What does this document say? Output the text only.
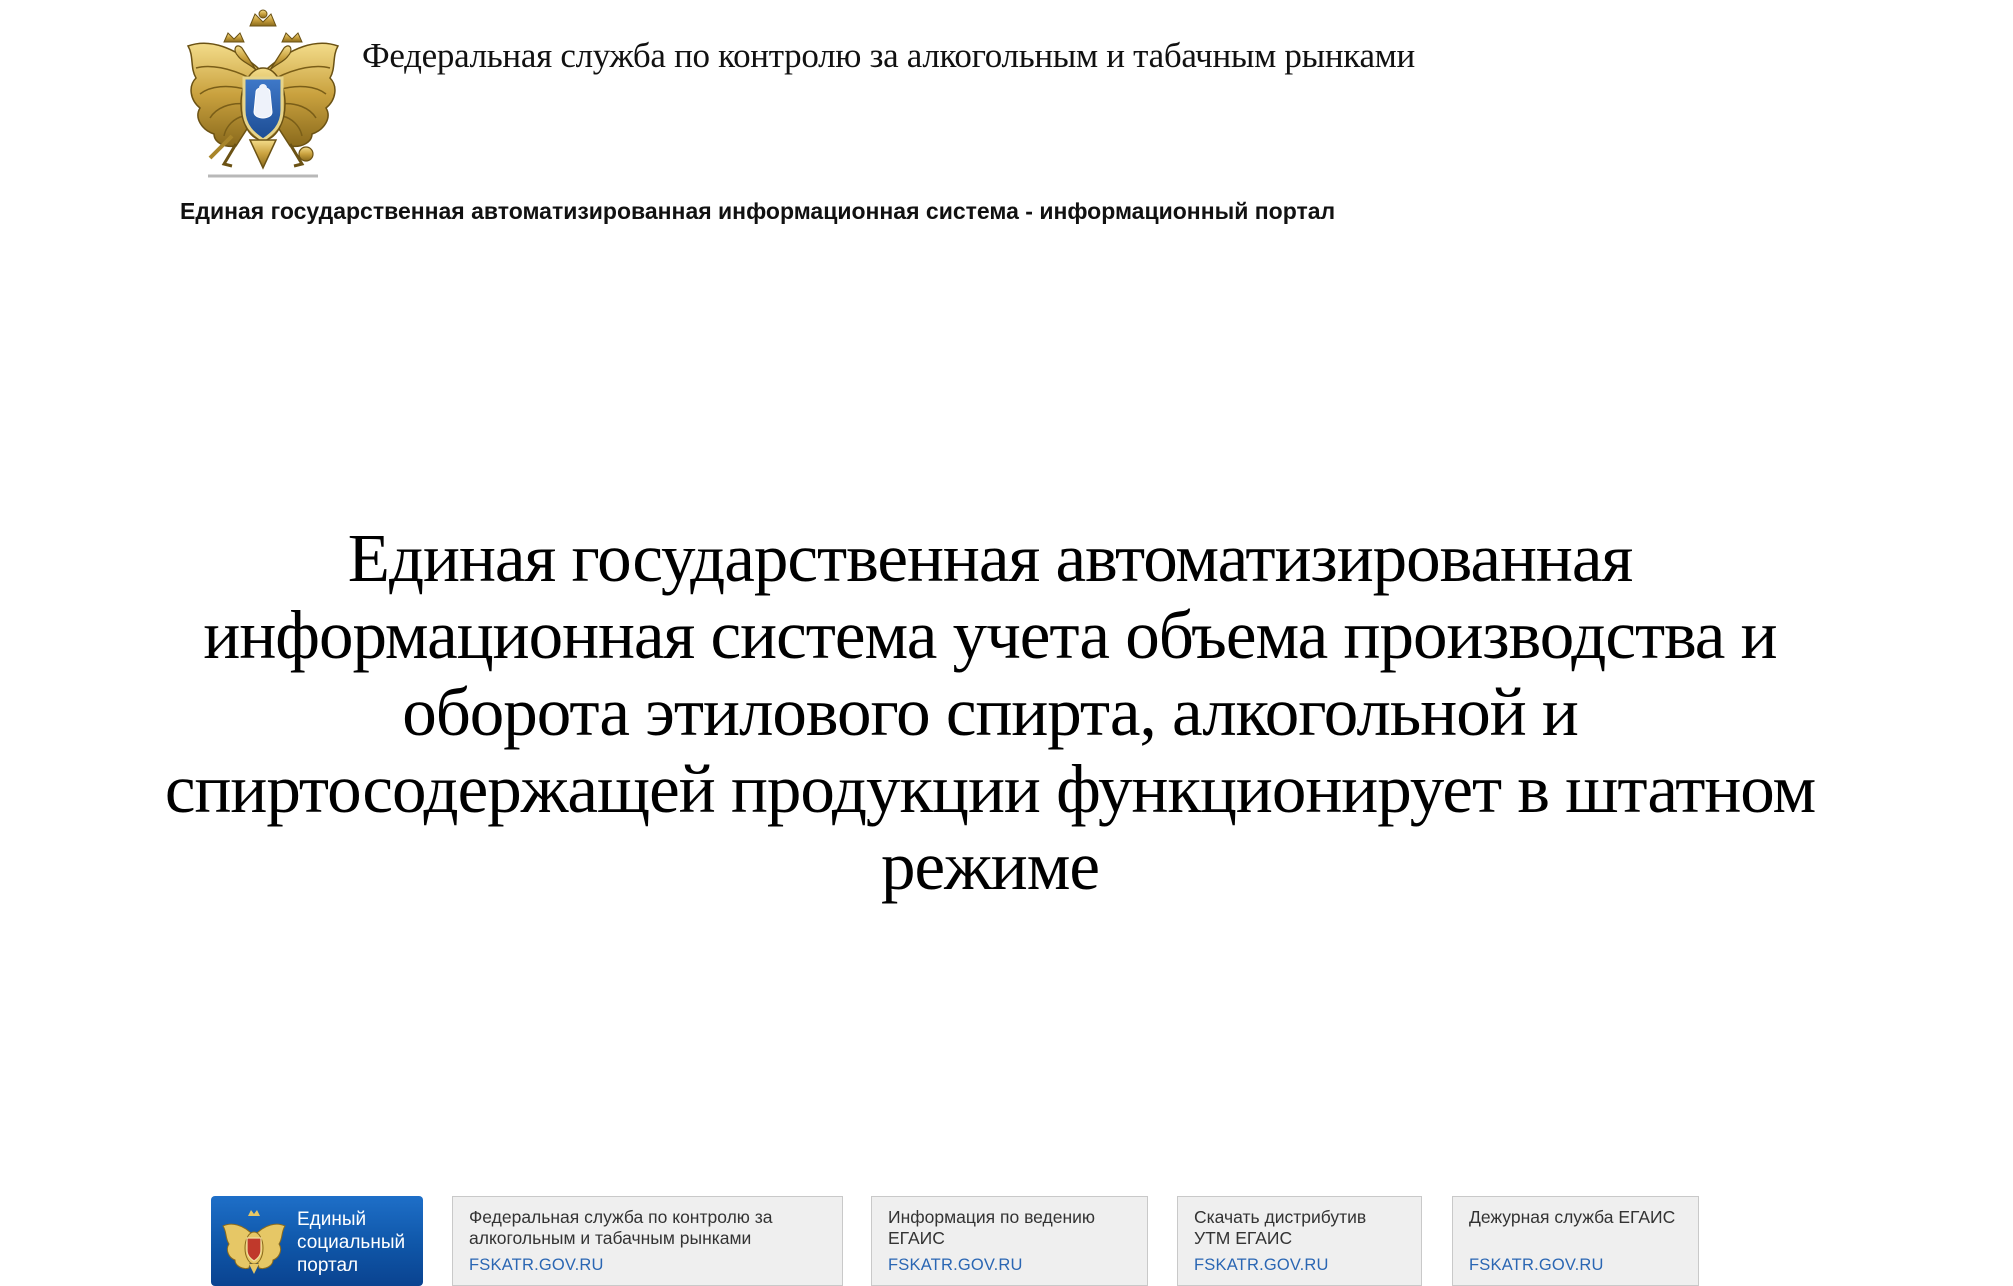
Федеральная служба по контролю за алкогольным и табачным рынками
Единая государственная автоматизированная информационная система - информационный портал
Единая государственная автоматизированная информационная система учета объема производства и оборота этилового спирта, алкогольной и спиртосодержащей продукции функционирует в штатном режиме
Единый
социальный
портал
Федеральная служба по контролю за
алкогольным и табачным рынками
FSKATR.GOV.RU
Информация по ведению
ЕГАИС
FSKATR.GOV.RU
Скачать дистрибутив
УТМ ЕГАИС
FSKATR.GOV.RU
Дежурная служба ЕГАИС
FSKATR.GOV.RU
